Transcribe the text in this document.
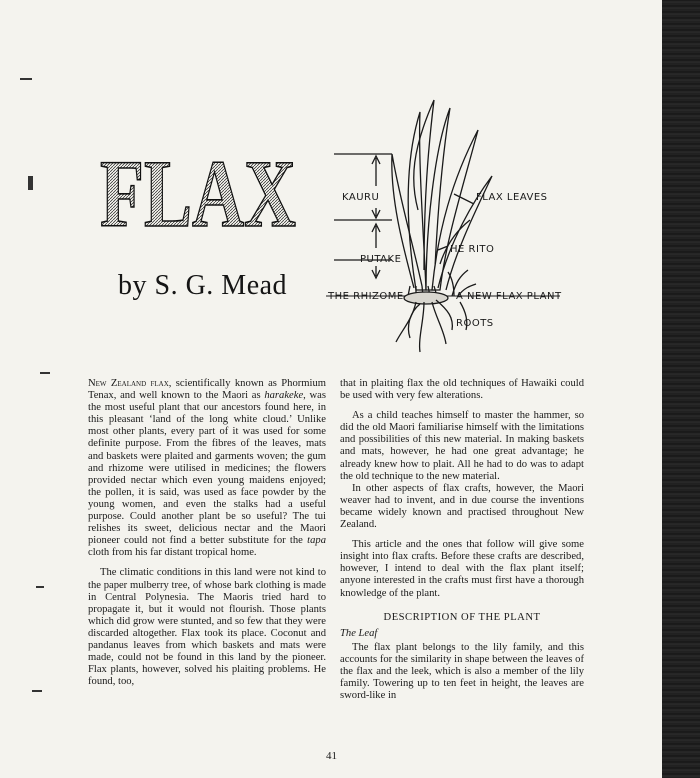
FLAX
by S. G. Mead
KAURU	FLAX LEAVES
HE RITO
PUTAKE
THE RHIZOME	A NEW FLAX PLANT
ROOTS

New Zealand flax, scientifically known as Phormium Tenax, and well known to the Maori as harakeke, was the most useful plant that our ancestors found here, in this pleasant ‘land of the long white cloud.’ Unlike most other plants, every part of it was used for some definite purpose. From the fibres of the leaves, mats and baskets were plaited and garments woven; the gum and rhizome were utilised in medicines; the flowers provided nectar which even young maidens enjoyed; the pollen, it is said, was used as face powder by the young women, and even the stalks had a useful purpose. Could another plant be so useful? The tui relishes its sweet, delicious nectar and the Maori pioneer could not find a better substitute for the tapa cloth from his far distant tropical home.

The climatic conditions in this land were not kind to the paper mulberry tree, of whose bark clothing is made in Central Polynesia. The Maoris tried hard to propagate it, but it would not flourish. Those plants which did grow were stunted, and so few that they were discarded altogether. Flax took its place. Coconut and pandanus leaves from which baskets and mats were made, could not be found in this land by the pioneer. Flax plants, however, solved his plaiting problems. He found, too,

that in plaiting flax the old techniques of Hawaiki could be used with very few alterations.

As a child teaches himself to master the hammer, so did the old Maori familiarise himself with the limitations and possibilities of this new material. In making baskets and mats, however, he had one great advantage; he already knew how to plait. All he had to do was to adapt the old technique to the new material.

In other aspects of flax crafts, however, the Maori weaver had to invent, and in due course the inventions became widely known and practised throughout New Zealand.

This article and the ones that follow will give some insight into flax crafts. Before these crafts are described, however, I intend to deal with the flax plant itself; anyone interested in the crafts must first have a thorough knowledge of the plant.

DESCRIPTION OF THE PLANT
The Leaf

The flax plant belongs to the lily family, and this accounts for the similarity in shape between the leaves of the flax and the leek, which is also a member of the lily family. Towering up to ten feet in height, the leaves are sword-like in

41
